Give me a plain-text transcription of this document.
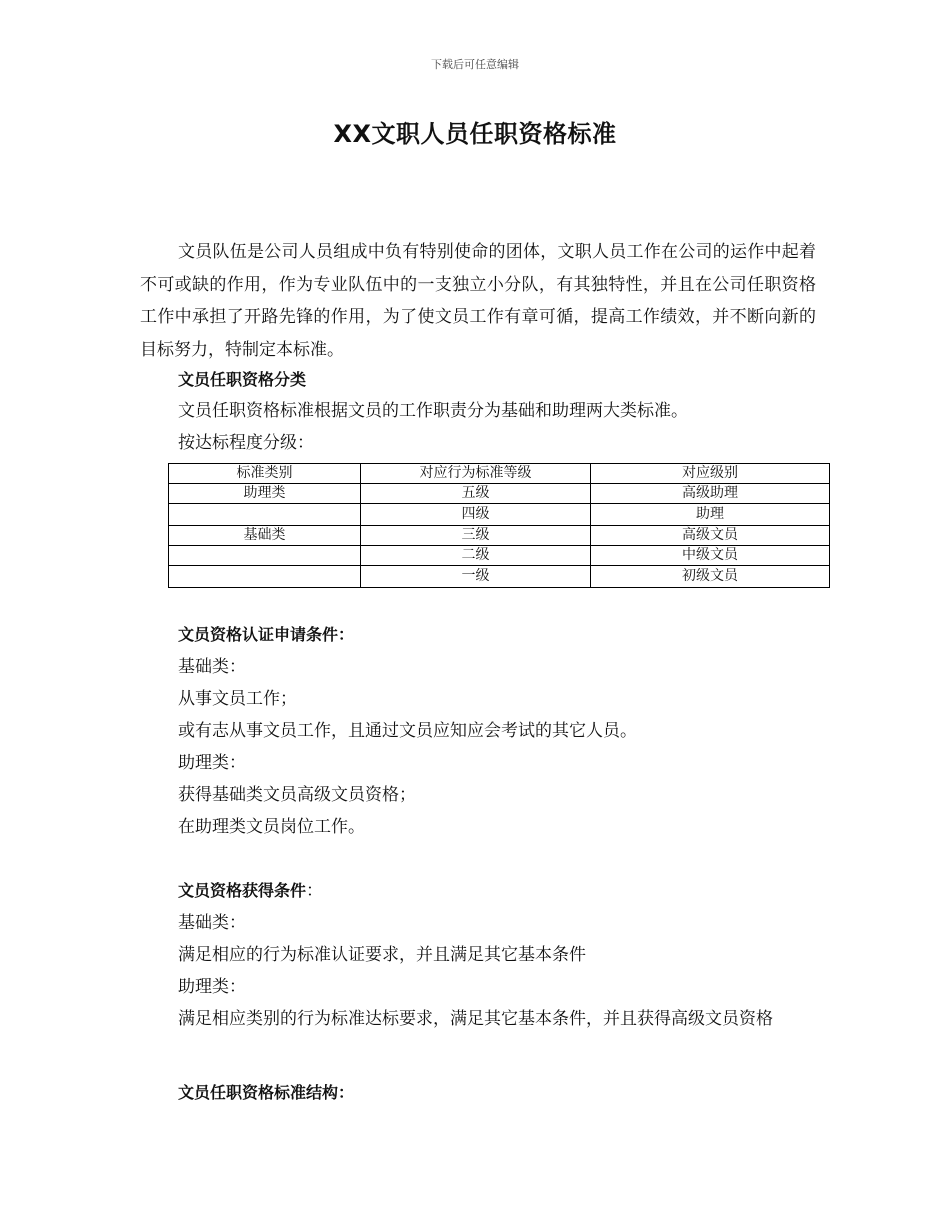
下载后可任意编辑
XX文职人员任职资格标准

文员队伍是公司人员组成中负有特别使命的团体，文职人员工作在公司的运作中起着不可或缺的作用，作为专业队伍中的一支独立小分队，有其独特性，并且在公司任职资格工作中承担了开路先锋的作用，为了使文员工作有章可循，提高工作绩效，并不断向新的目标努力，特制定本标准。

文员任职资格分类

文员任职资格标准根据文员的工作职责分为基础和助理两大类标准。

按达标程度分级：

标准类别	对应行为标准等级	对应级别
助理类	五级	高级助理
	四级	助理
基础类	三级	高级文员
	二级	中级文员
	一级	初级文员

文员资格认证申请条件：

基础类：

从事文员工作；

或有志从事文员工作，且通过文员应知应会考试的其它人员。

助理类：

获得基础类文员高级文员资格；

在助理类文员岗位工作。

文员资格获得条件：

基础类：

满足相应的行为标准认证要求，并且满足其它基本条件

助理类：

满足相应类别的行为标准达标要求，满足其它基本条件，并且获得高级文员资格

文员任职资格标准结构：
